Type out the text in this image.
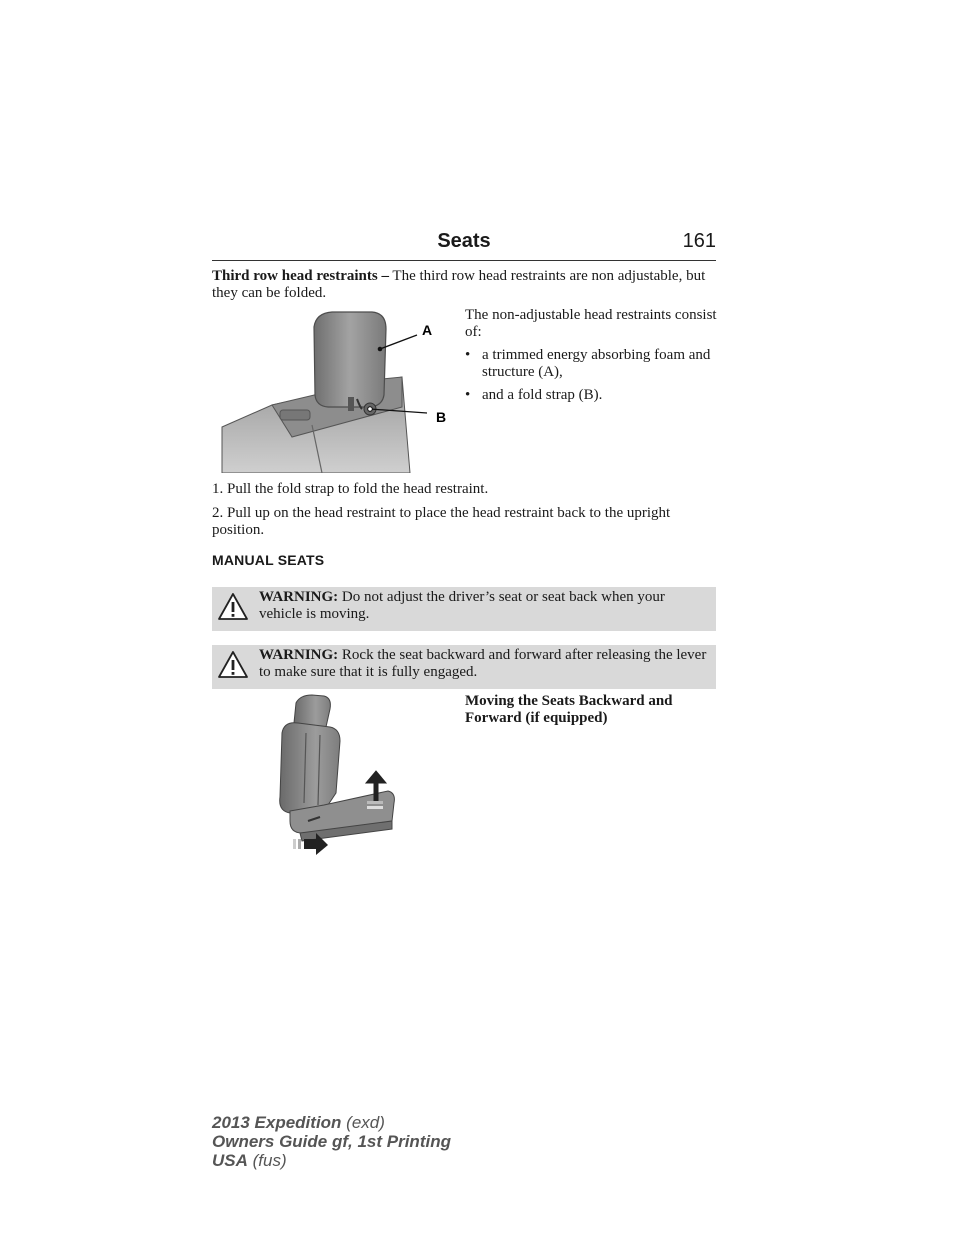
Seats	161
Third row head restraints – The third row head restraints are non adjustable, but they can be folded.
A
B
The non-adjustable head restraints consist of:
• a trimmed energy absorbing foam and structure (A),
• and a fold strap (B).
1. Pull the fold strap to fold the head restraint.
2. Pull up on the head restraint to place the head restraint back to the upright position.
MANUAL SEATS
WARNING: Do not adjust the driver’s seat or seat back when your vehicle is moving.
WARNING: Rock the seat backward and forward after releasing the lever to make sure that it is fully engaged.
Moving the Seats Backward and Forward (if equipped)
2013 Expedition (exd)
Owners Guide gf, 1st Printing
USA (fus)
